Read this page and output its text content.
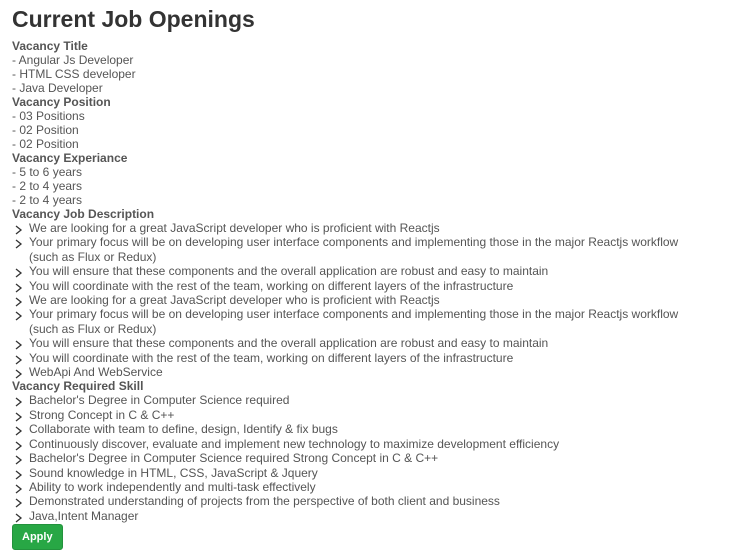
Current Job Openings
Vacancy Title
- Angular Js Developer
- HTML CSS developer
- Java Developer
Vacancy Position
- 03 Positions
- 02 Position
- 02 Position
Vacancy Experiance
- 5 to 6 years
- 2 to 4 years
- 2 to 4 years
Vacancy Job Description
We are looking for a great JavaScript developer who is proficient with Reactjs
Your primary focus will be on developing user interface components and implementing those in the major Reactjs workflow (such as Flux or Redux)
You will ensure that these components and the overall application are robust and easy to maintain
You will coordinate with the rest of the team, working on different layers of the infrastructure
We are looking for a great JavaScript developer who is proficient with Reactjs
Your primary focus will be on developing user interface components and implementing those in the major Reactjs workflow (such as Flux or Redux)
You will ensure that these components and the overall application are robust and easy to maintain
You will coordinate with the rest of the team, working on different layers of the infrastructure
WebApi And WebService
Vacancy Required Skill
Bachelor's Degree in Computer Science required
Strong Concept in C & C++
Collaborate with team to define, design, Identify & fix bugs
Continuously discover, evaluate and implement new technology to maximize development efficiency
Bachelor's Degree in Computer Science required Strong Concept in C & C++
Sound knowledge in HTML, CSS, JavaScript & Jquery
Ability to work independently and multi-task effectively
Demonstrated understanding of projects from the perspective of both client and business
Java,Intent Manager
Apply
